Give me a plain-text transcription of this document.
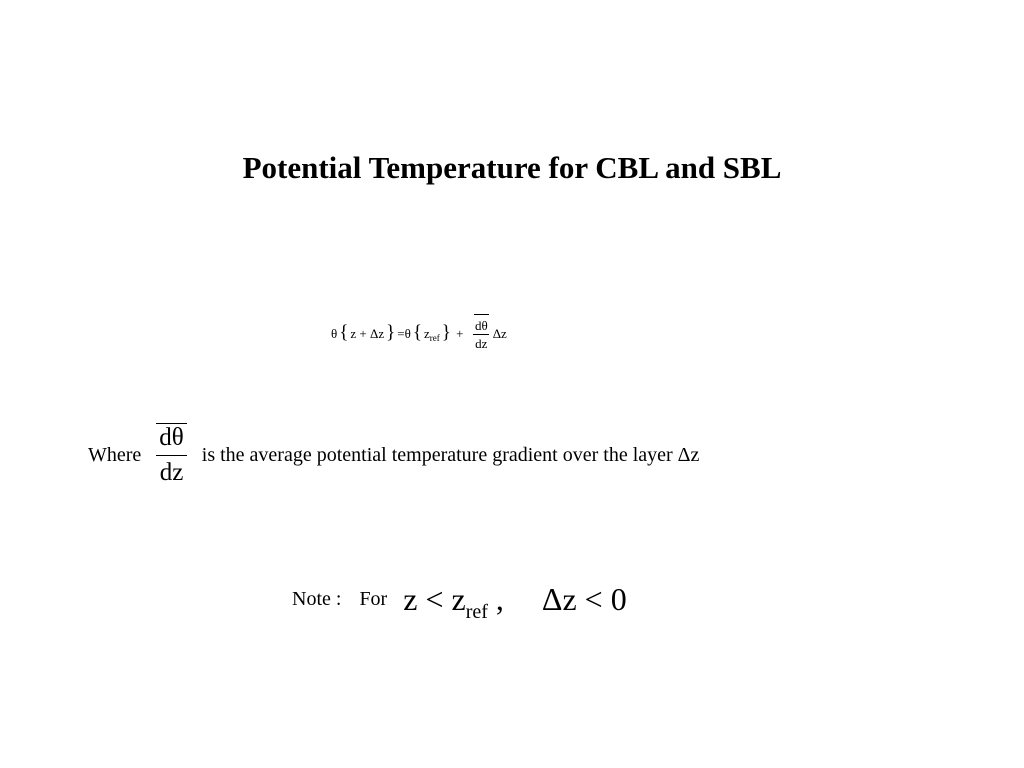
Potential Temperature for CBL and SBL
θ { z
+
Δz } = θ { z ref }
+
$\frac{d\theta}{dz}$ Δz
Where $\frac{d\theta}{dz}$ is the average potential temperature gradient over the layer Δz
Note : For $z < z_{ref}$ , Δz < 0
